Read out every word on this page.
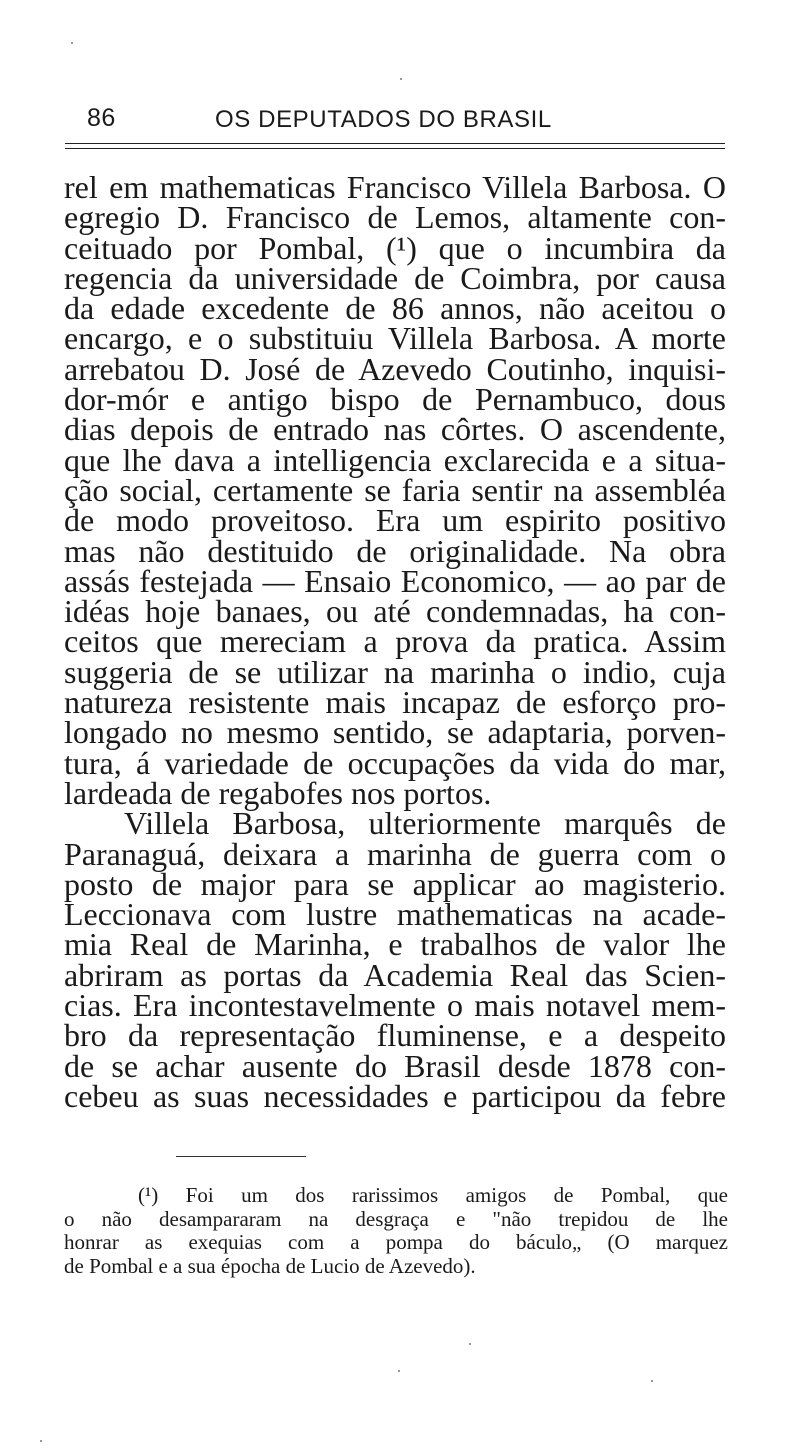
86	OS DEPUTADOS DO BRASIL
rel em mathematicas Francisco Villela Barbosa. O
egregio D. Francisco de Lemos, altamente con-
ceituado por Pombal, (¹) que o incumbira da
regencia da universidade de Coimbra, por causa
da edade excedente de 86 annos, não aceitou o
encargo, e o substituiu Villela Barbosa. A morte
arrebatou D. José de Azevedo Coutinho, inquisi-
dor-mór e antigo bispo de Pernambuco, dous
dias depois de entrado nas côrtes. O ascendente,
que lhe dava a intelligencia exclarecida e a situa-
ção social, certamente se faria sentir na assembléa
de modo proveitoso. Era um espirito positivo
mas não destituido de originalidade. Na obra
assás festejada — Ensaio Economico, — ao par de
idéas hoje banaes, ou até condemnadas, ha con-
ceitos que mereciam a prova da pratica. Assim
suggeria de se utilizar na marinha o indio, cuja
natureza resistente mais incapaz de esforço pro-
longado no mesmo sentido, se adaptaria, porven-
tura, á variedade de occupações da vida do mar,
lardeada de regabofes nos portos.
Villela Barbosa, ulteriormente marquês de
Paranaguá, deixara a marinha de guerra com o
posto de major para se applicar ao magisterio.
Leccionava com lustre mathematicas na acade-
mia Real de Marinha, e trabalhos de valor lhe
abriram as portas da Academia Real das Scien-
cias. Era incontestavelmente o mais notavel mem-
bro da representação fluminense, e a despeito
de se achar ausente do Brasil desde 1878 con-
cebeu as suas necessidades e participou da febre
(¹) Foi um dos rarissimos amigos de Pombal, que
o não desampararam na desgraça e "não trepidou de lhe
honrar as exequias com a pompa do báculo„ (O marquez
de Pombal e a sua épocha de Lucio de Azevedo).
